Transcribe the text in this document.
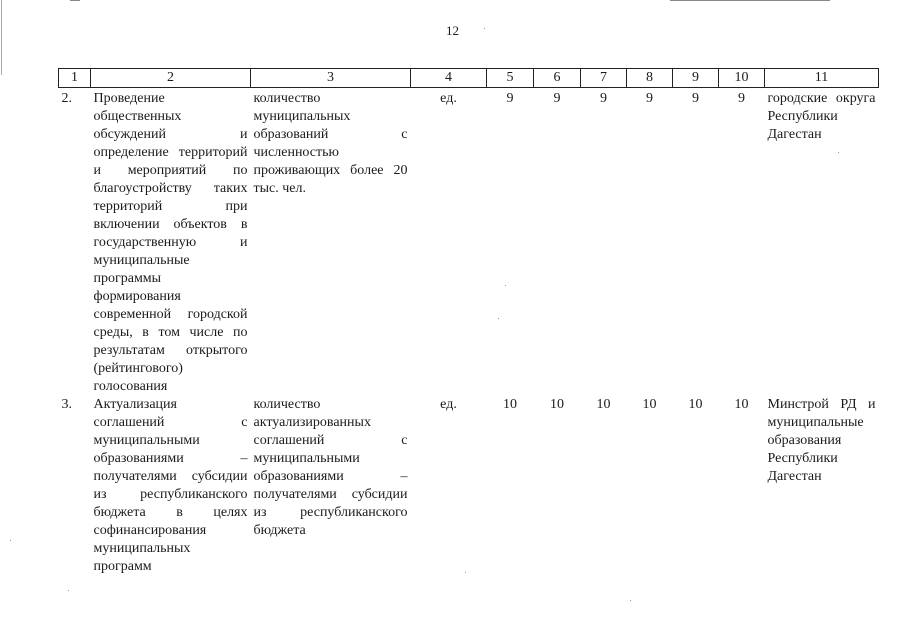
12
1	2	3	4	5	6	7	8	9	10	11
2.	Проведение общественных обсуждений и определение территорий и мероприятий по благоустройству таких территорий при включении объектов в государственную и муниципальные программы формирования современной городской среды, в том числе по результатам открытого (рейтингового) голосования	количество муниципальных образований с численностью проживающих более 20 тыс. чел.	ед.	9	9	9	9	9	9	городские округа Республики Дагестан
3.	Актуализация соглашений с муниципальными образованиями – получателями субсидии из республиканского бюджета в целях софинансирования муниципальных программ	количество актуализированных соглашений с муниципальными образованиями – получателями субсидии из республиканского бюджета	ед.	10	10	10	10	10	10	Минстрой РД и муниципальные образования Республики Дагестан
